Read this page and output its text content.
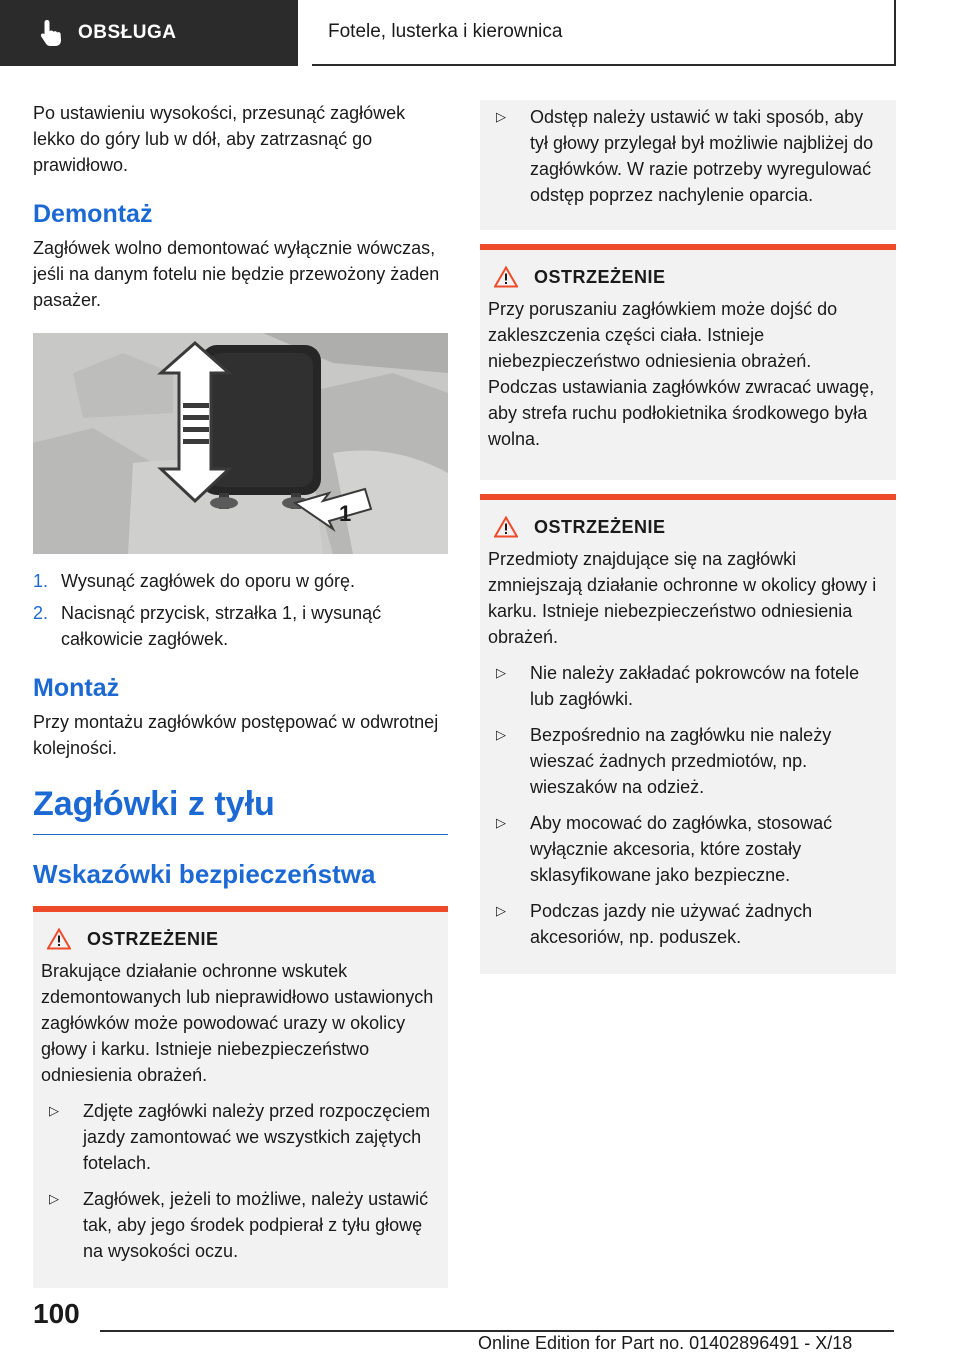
OBSŁUGA	Fotele, lusterka i kierownica

Po ustawieniu wysokości, przesunąć zagłówek lekko do góry lub w dół, aby zatrzasnąć go prawidłowo.

Demontaż

Zagłówek wolno demontować wyłącznie wówczas, jeśli na danym fotelu nie będzie przewożony żaden pasażer.

1
1. Wysunąć zagłówek do oporu w górę.
2. Nacisnąć przycisk, strzałka 1, i wysunąć całkowicie zagłówek.
Montaż

Przy montażu zagłówków postępować w odwrotnej kolejności.

Zagłówki z tyłu
Wskazówki bezpieczeństwa
OSTRZEŻENIE

Brakujące działanie ochronne wskutek zdemontowanych lub nieprawidłowo ustawionych zagłówków może powodować urazy w okolicy głowy i karku. Istnieje niebezpieczeństwo odniesienia obrażeń.

▷	Zdjęte zagłówki należy przed rozpoczęciem jazdy zamontować we wszystkich zajętych fotelach.
▷	Zagłówek, jeżeli to możliwe, należy ustawić tak, aby jego środek podpierał z tyłu głowę na wysokości oczu.
▷	Odstęp należy ustawić w taki sposób, aby tył głowy przylegał był możliwie najbliżej do zagłówków. W razie potrzeby wyregulować odstęp poprzez nachylenie oparcia.
OSTRZEŻENIE

Przy poruszaniu zagłówkiem może dojść do zakleszczenia części ciała. Istnieje niebezpieczeństwo odniesienia obrażeń. Podczas ustawiania zagłówków zwracać uwagę, aby strefa ruchu podłokietnika środkowego była wolna.

OSTRZEŻENIE

Przedmioty znajdujące się na zagłówki zmniejszają działanie ochronne w okolicy głowy i karku. Istnieje niebezpieczeństwo odniesienia obrażeń.

▷	Nie należy zakładać pokrowców na fotele lub zagłówki.
▷	Bezpośrednio na zagłówku nie należy wieszać żadnych przedmiotów, np. wieszaków na odzież.
▷	Aby mocować do zagłówka, stosować wyłącznie akcesoria, które zostały sklasyfikowane jako bezpieczne.
▷	Podczas jazdy nie używać żadnych akcesoriów, np. poduszek.
100
Online Edition for Part no. 01402896491 - X/18
